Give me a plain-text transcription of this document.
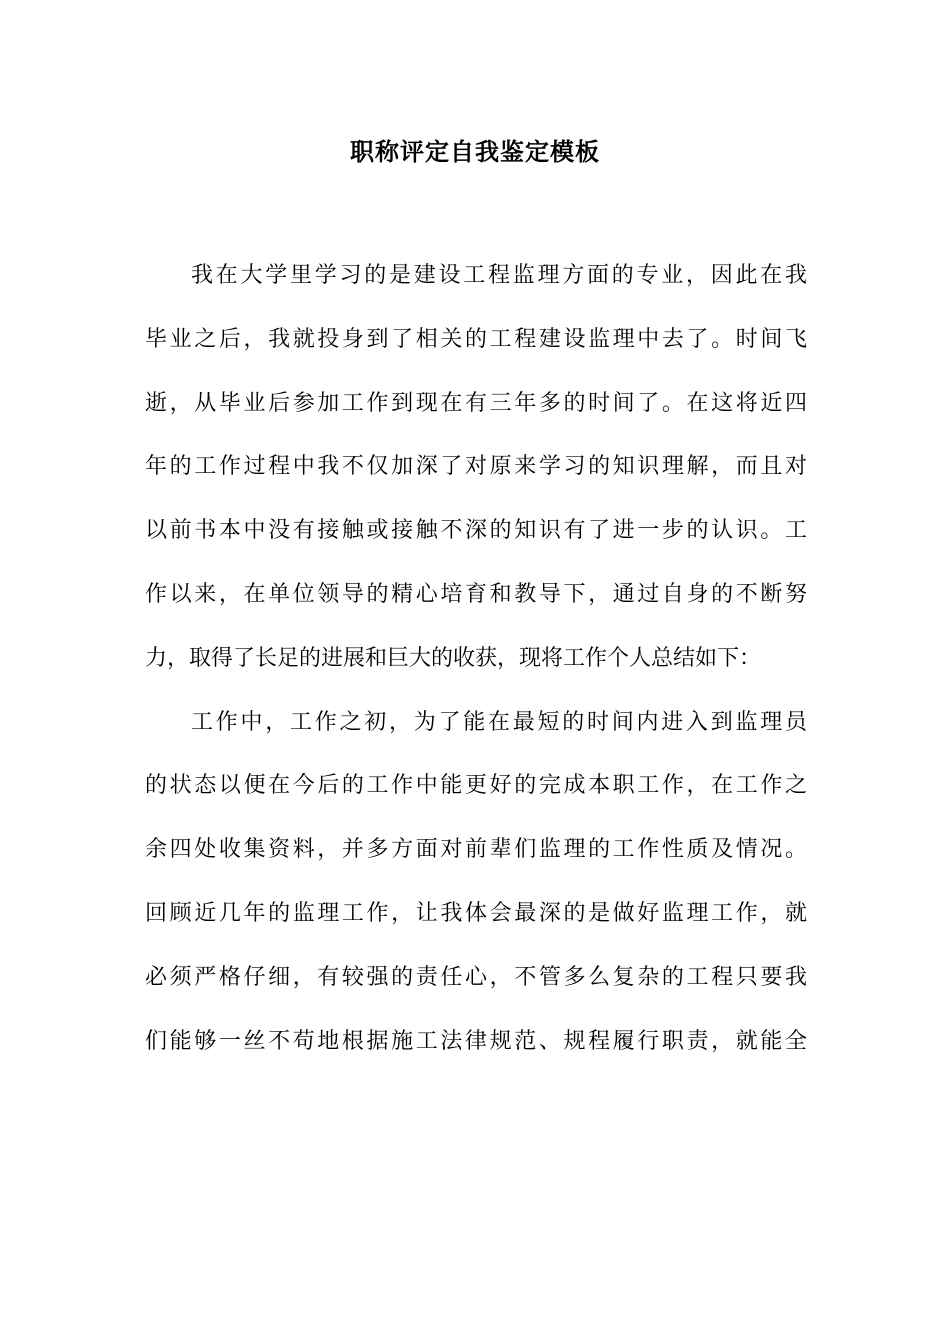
职称评定自我鉴定模板
我在大学里学习的是建设工程监理方面的专业，因此在我
毕业之后，我就投身到了相关的工程建设监理中去了。时间飞
逝，从毕业后参加工作到现在有三年多的时间了。在这将近四
年的工作过程中我不仅加深了对原来学习的知识理解，而且对
以前书本中没有接触或接触不深的知识有了进一步的认识。工
作以来，在单位领导的精心培育和教导下，通过自身的不断努
力，取得了长足的进展和巨大的收获，现将工作个人总结如下：
工作中，工作之初，为了能在最短的时间内进入到监理员
的状态以便在今后的工作中能更好的完成本职工作，在工作之
余四处收集资料，并多方面对前辈们监理的工作性质及情况。
回顾近几年的监理工作，让我体会最深的是做好监理工作，就
必须严格仔细，有较强的责任心，不管多么复杂的工程只要我
们能够一丝不苟地根据施工法律规范、规程履行职责，就能全
